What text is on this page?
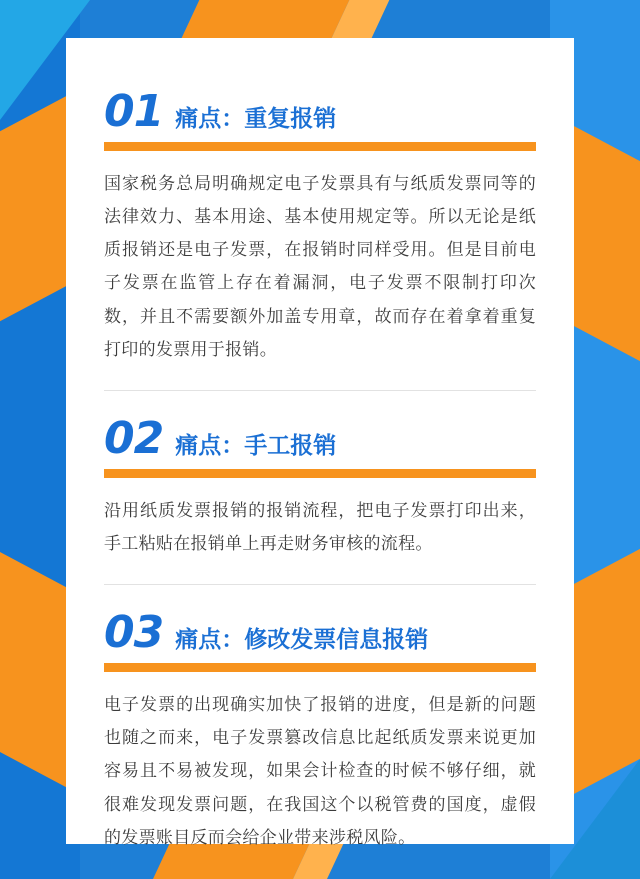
01 痛点：重复报销
国家税务总局明确规定电子发票具有与纸质发票同等的法律效力、基本用途、基本使用规定等。所以无论是纸质报销还是电子发票，在报销时同样受用。但是目前电子发票在监管上存在着漏洞，电子发票不限制打印次数，并且不需要额外加盖专用章，故而存在着拿着重复打印的发票用于报销。
02 痛点：手工报销
沿用纸质发票报销的报销流程，把电子发票打印出来，手工粘贴在报销单上再走财务审核的流程。
03 痛点：修改发票信息报销
电子发票的出现确实加快了报销的进度，但是新的问题也随之而来，电子发票篡改信息比起纸质发票来说更加容易且不易被发现，如果会计检查的时候不够仔细，就很难发现发票问题，在我国这个以税管费的国度，虚假的发票账目反而会给企业带来涉税风险。
